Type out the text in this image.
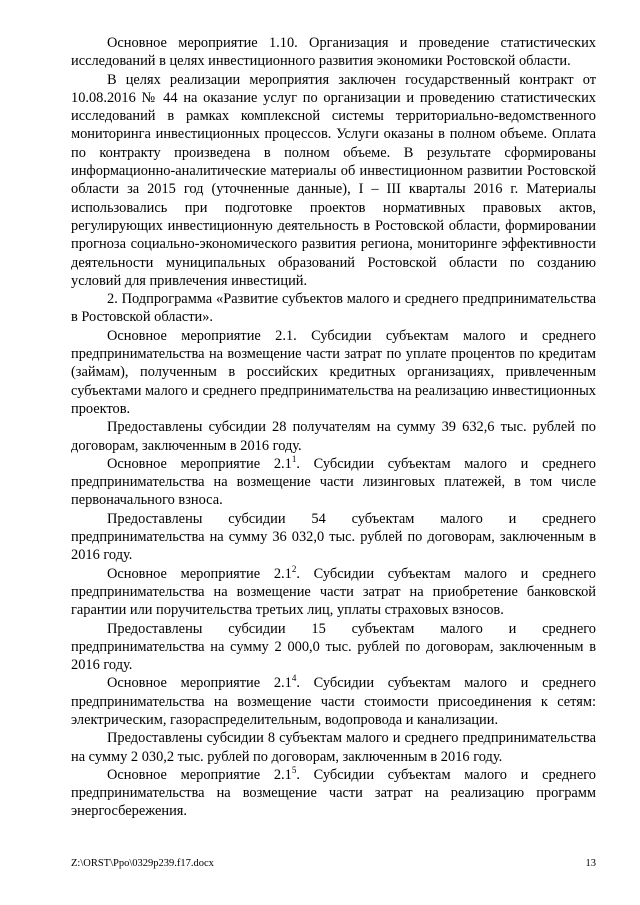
Основное мероприятие 1.10. Организация и проведение статистических исследований в целях инвестиционного развития экономики Ростовской области.

В целях реализации мероприятия заключен государственный контракт от 10.08.2016 № 44 на оказание услуг по организации и проведению статистических исследований в рамках комплексной системы территориально-ведомственного мониторинга инвестиционных процессов. Услуги оказаны в полном объеме. Оплата по контракту произведена в полном объеме. В результате сформированы информационно-аналитические материалы об инвестиционном развитии Ростовской области за 2015 год (уточненные данные), I – III кварталы 2016 г. Материалы использовались при подготовке проектов нормативных правовых актов, регулирующих инвестиционную деятельность в Ростовской области, формировании прогноза социально-экономического развития региона, мониторинге эффективности деятельности муниципальных образований Ростовской области по созданию условий для привлечения инвестиций.

2. Подпрограмма «Развитие субъектов малого и среднего предпринимательства в Ростовской области».

Основное мероприятие 2.1. Субсидии субъектам малого и среднего предпринимательства на возмещение части затрат по уплате процентов по кредитам (займам), полученным в российских кредитных организациях, привлеченным субъектами малого и среднего предпринимательства на реализацию инвестиционных проектов.

Предоставлены субсидии 28 получателям на сумму 39 632,6 тыс. рублей по договорам, заключенным в 2016 году.

Основное мероприятие $2.1^1$. Субсидии субъектам малого и среднего предпринимательства на возмещение части лизинговых платежей, в том числе первоначального взноса.

Предоставлены субсидии 54 субъектам малого и среднего предпринимательства на сумму 36 032,0 тыс. рублей по договорам, заключенным в 2016 году.

Основное мероприятие $2.1^2$. Субсидии субъектам малого и среднего предпринимательства на возмещение части затрат на приобретение банковской гарантии или поручительства третьих лиц, уплаты страховых взносов.

Предоставлены субсидии 15 субъектам малого и среднего предпринимательства на сумму 2 000,0 тыс. рублей по договорам, заключенным в 2016 году.

Основное мероприятие $2.1^4$. Субсидии субъектам малого и среднего предпринимательства на возмещение части стоимости присоединения к сетям: электрическим, газораспределительным, водопровода и канализации.

Предоставлены субсидии 8 субъектам малого и среднего предпринимательства на сумму 2 030,2 тыс. рублей по договорам, заключенным в 2016 году.

Основное мероприятие $2.1^5$. Субсидии субъектам малого и среднего предпринимательства на возмещение части затрат на реализацию программ энергосбережения.

Z:\ORST\Ppo\0329p239.f17.docx	13
